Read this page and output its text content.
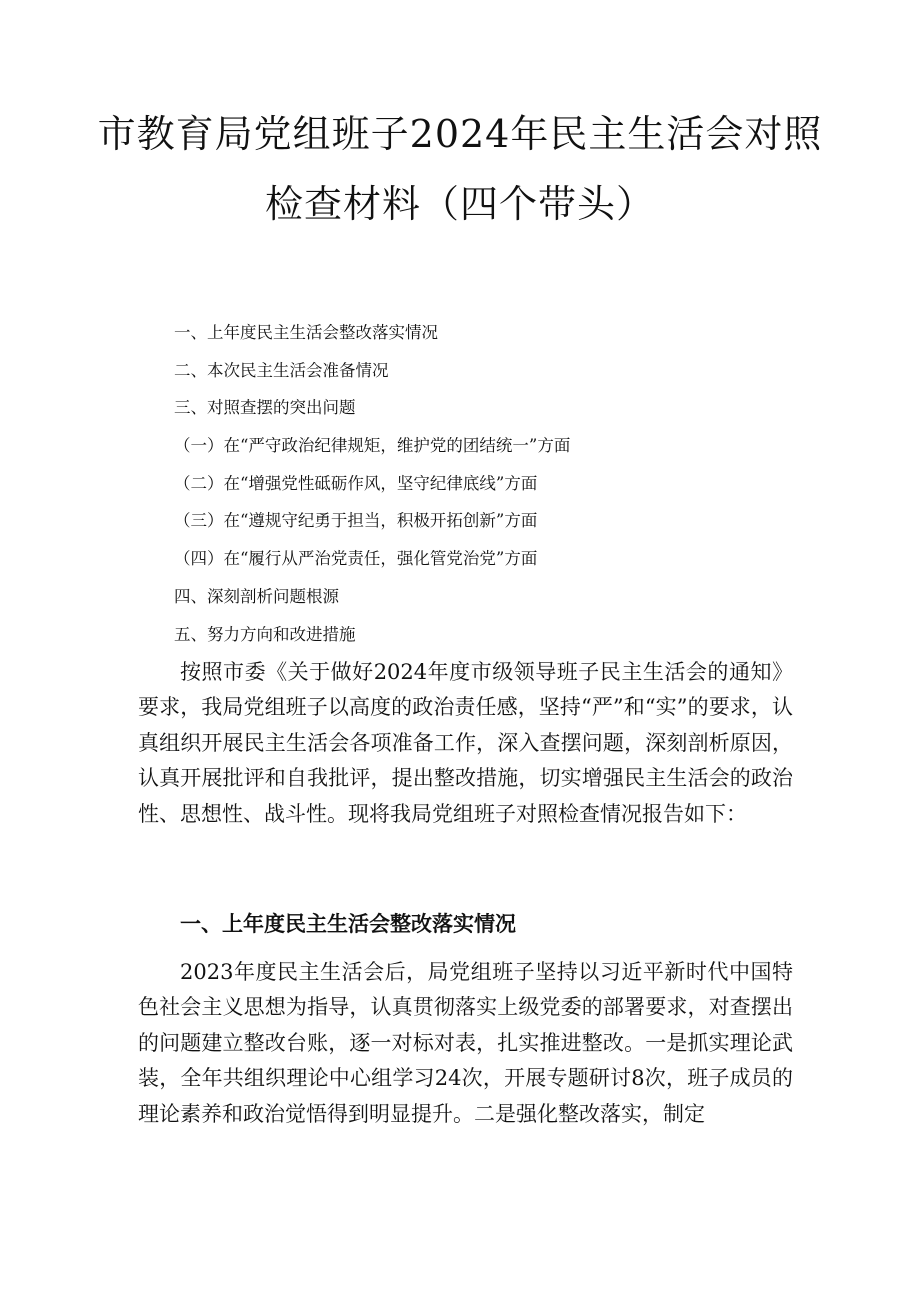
市教育局党组班子2024年民主生活会对照
检查材料（四个带头）
一、上年度民主生活会整改落实情况
二、本次民主生活会准备情况
三、对照查摆的突出问题
（一）在“严守政治纪律规矩，维护党的团结统一”方面
（二）在“增强党性砥砺作风，坚守纪律底线”方面
（三）在“遵规守纪勇于担当，积极开拓创新”方面
（四）在“履行从严治党责任，强化管党治党”方面
四、深刻剖析问题根源
五、努力方向和改进措施

按照市委《关于做好2024年度市级领导班子民主生活会的通知》要求，我局党组班子以高度的政治责任感，坚持“严”和“实”的要求，认真组织开展民主生活会各项准备工作，深入查摆问题，深刻剖析原因，认真开展批评和自我批评，提出整改措施，切实增强民主生活会的政治性、思想性、战斗性。现将我局党组班子对照检查情况报告如下：

一、上年度民主生活会整改落实情况

2023年度民主生活会后，局党组班子坚持以习近平新时代中国特色社会主义思想为指导，认真贯彻落实上级党委的部署要求，对查摆出的问题建立整改台账，逐一对标对表，扎实推进整改。一是抓实理论武装，全年共组织理论中心组学习24次，开展专题研讨8次，班子成员的理论素养和政治觉悟得到明显提升。二是强化整改落实，制定
